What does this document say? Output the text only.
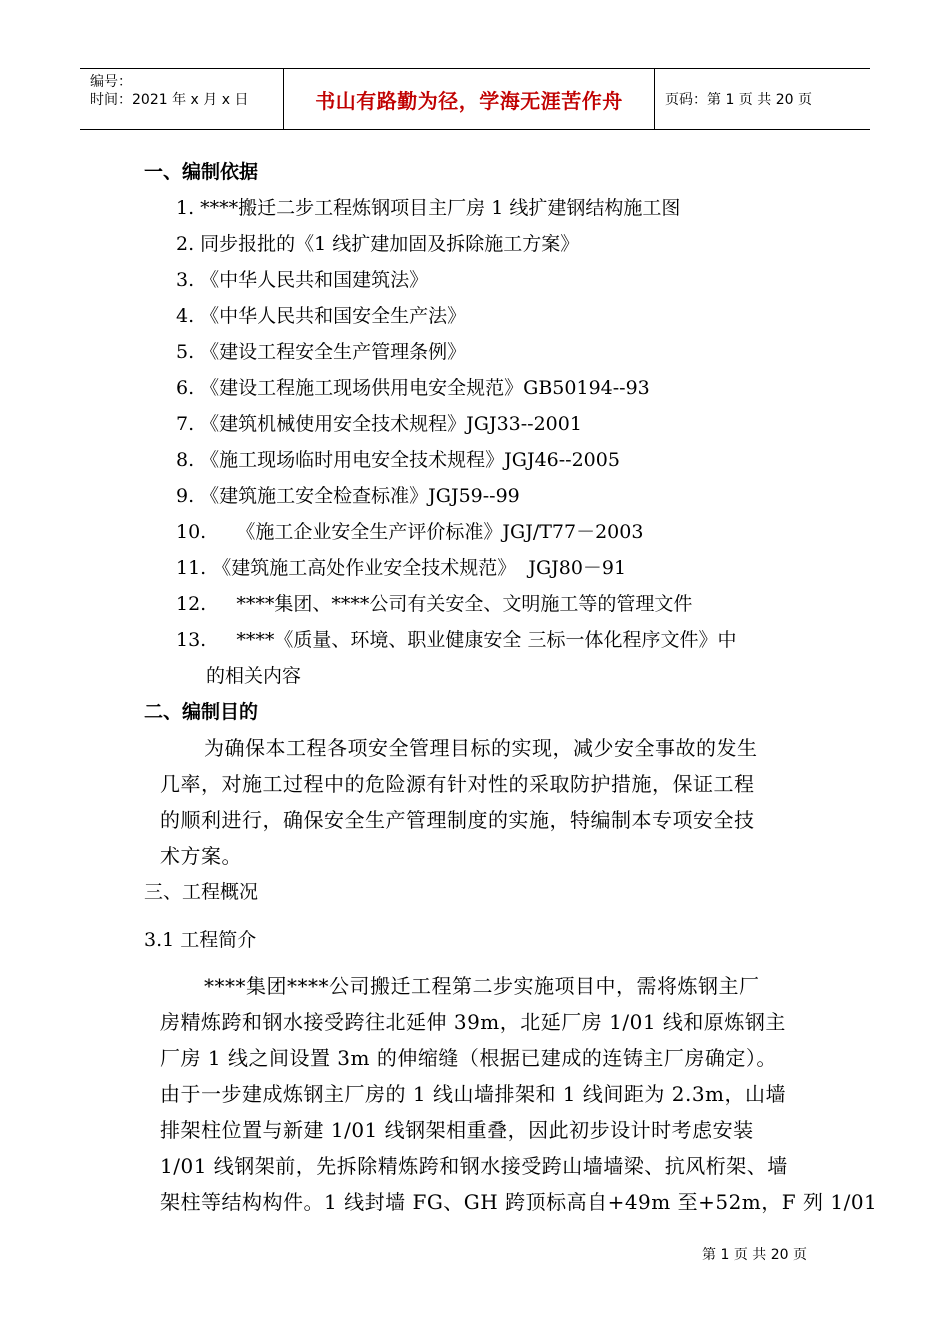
编号：
时间：2021 年 x 月 x 日	书山有路勤为径，学海无涯苦作舟	页码：第 1 页 共 20 页
一、编制依据
1. ****搬迁二步工程炼钢项目主厂房 1 线扩建钢结构施工图
2. 同步报批的《1 线扩建加固及拆除施工方案》
3. 《中华人民共和国建筑法》
4. 《中华人民共和国安全生产法》
5. 《建设工程安全生产管理条例》
6. 《建设工程施工现场供用电安全规范》GB50194--93
7. 《建筑机械使用安全技术规程》JGJ33--2001
8. 《施工现场临时用电安全技术规程》JGJ46--2005
9. 《建筑施工安全检查标准》JGJ59--99
10.     《施工企业安全生产评价标准》JGJ/T77－2003
11. 《建筑施工高处作业安全技术规范》  JGJ80－91
12.     ****集团、****公司有关安全、文明施工等的管理文件
13.     ****《质量、环境、职业健康安全 三标一体化程序文件》中
的相关内容
二、编制目的
为确保本工程各项安全管理目标的实现，减少安全事故的发生
几率，对施工过程中的危险源有针对性的采取防护措施，保证工程
的顺利进行，确保安全生产管理制度的实施，特编制本专项安全技
术方案。
三、工程概况
3.1 工程简介
****集团****公司搬迁工程第二步实施项目中，需将炼钢主厂
房精炼跨和钢水接受跨往北延伸 39m，北延厂房 1/01 线和原炼钢主
厂房 1 线之间设置 3m 的伸缩缝（根据已建成的连铸主厂房确定）。
由于一步建成炼钢主厂房的 1 线山墙排架和 1 线间距为 2.3m，山墙
排架柱位置与新建 1/01 线钢架相重叠，因此初步设计时考虑安装
1/01 线钢架前，先拆除精炼跨和钢水接受跨山墙墙梁、抗风桁架、墙
架柱等结构构件。1 线封墙 FG、GH 跨顶标高自+49m 至+52m，F 列 1/01
第 1 页 共 20 页
